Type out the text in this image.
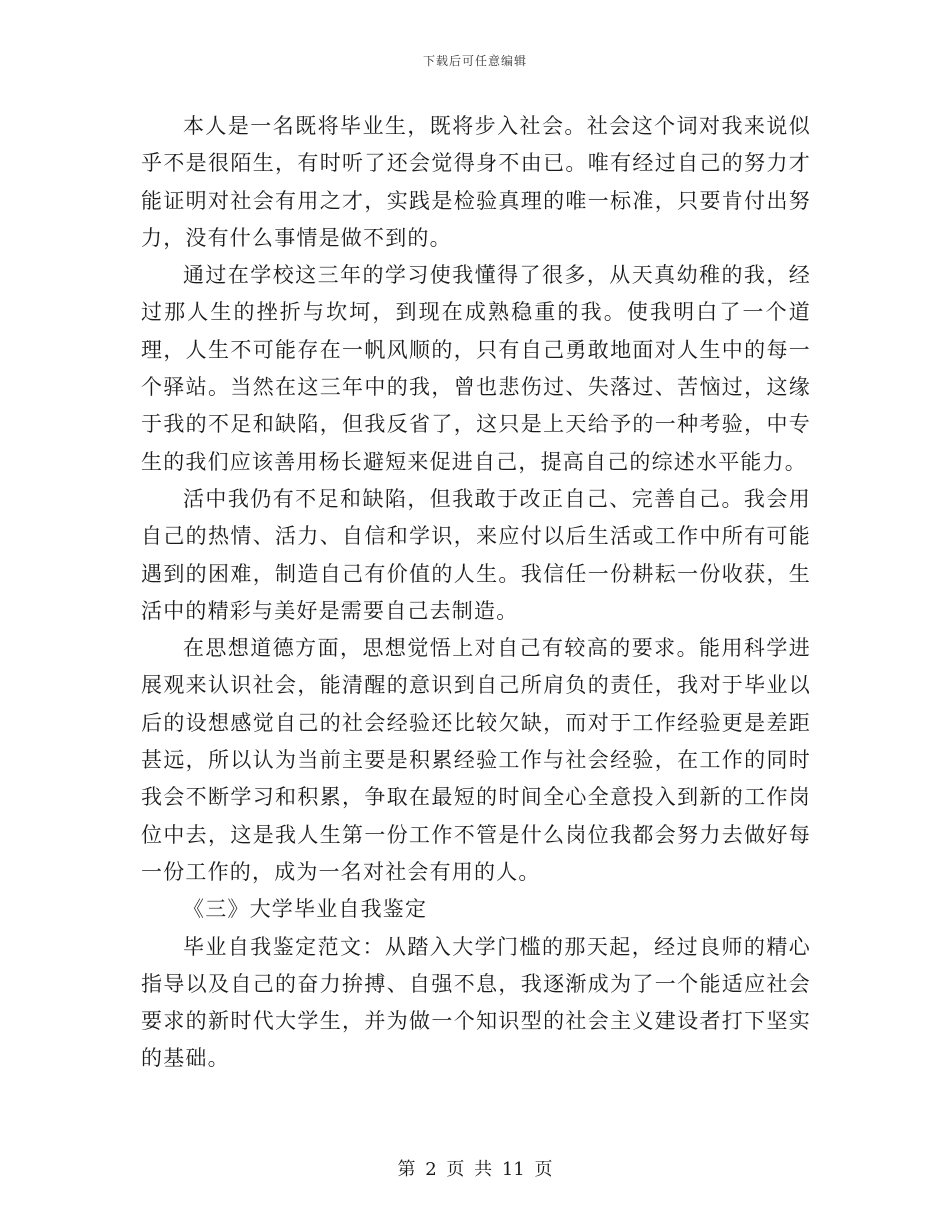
下载后可任意编辑

本人是一名既将毕业生，既将步入社会。社会这个词对我来说似乎不是很陌生，有时听了还会觉得身不由已。唯有经过自己的努力才能证明对社会有用之才，实践是检验真理的唯一标准，只要肯付出努力，没有什么事情是做不到的。

通过在学校这三年的学习使我懂得了很多，从天真幼稚的我，经过那人生的挫折与坎坷，到现在成熟稳重的我。使我明白了一个道理，人生不可能存在一帆风顺的，只有自己勇敢地面对人生中的每一个驿站。当然在这三年中的我，曾也悲伤过、失落过、苦恼过，这缘于我的不足和缺陷，但我反省了，这只是上天给予的一种考验，中专生的我们应该善用杨长避短来促进自己，提高自己的综述水平能力。

活中我仍有不足和缺陷，但我敢于改正自己、完善自己。我会用自己的热情、活力、自信和学识，来应付以后生活或工作中所有可能遇到的困难，制造自己有价值的人生。我信任一份耕耘一份收获，生活中的精彩与美好是需要自己去制造。

在思想道德方面，思想觉悟上对自己有较高的要求。能用科学进展观来认识社会，能清醒的意识到自己所肩负的责任，我对于毕业以后的设想感觉自己的社会经验还比较欠缺，而对于工作经验更是差距甚远，所以认为当前主要是积累经验工作与社会经验，在工作的同时我会不断学习和积累，争取在最短的时间全心全意投入到新的工作岗位中去，这是我人生第一份工作不管是什么岗位我都会努力去做好每一份工作的，成为一名对社会有用的人。

《三》大学毕业自我鉴定

毕业自我鉴定范文：从踏入大学门槛的那天起，经过良师的精心指导以及自己的奋力拚搏、自强不息，我逐渐成为了一个能适应社会要求的新时代大学生，并为做一个知识型的社会主义建设者打下坚实的基础。

第 2 页 共 11 页
